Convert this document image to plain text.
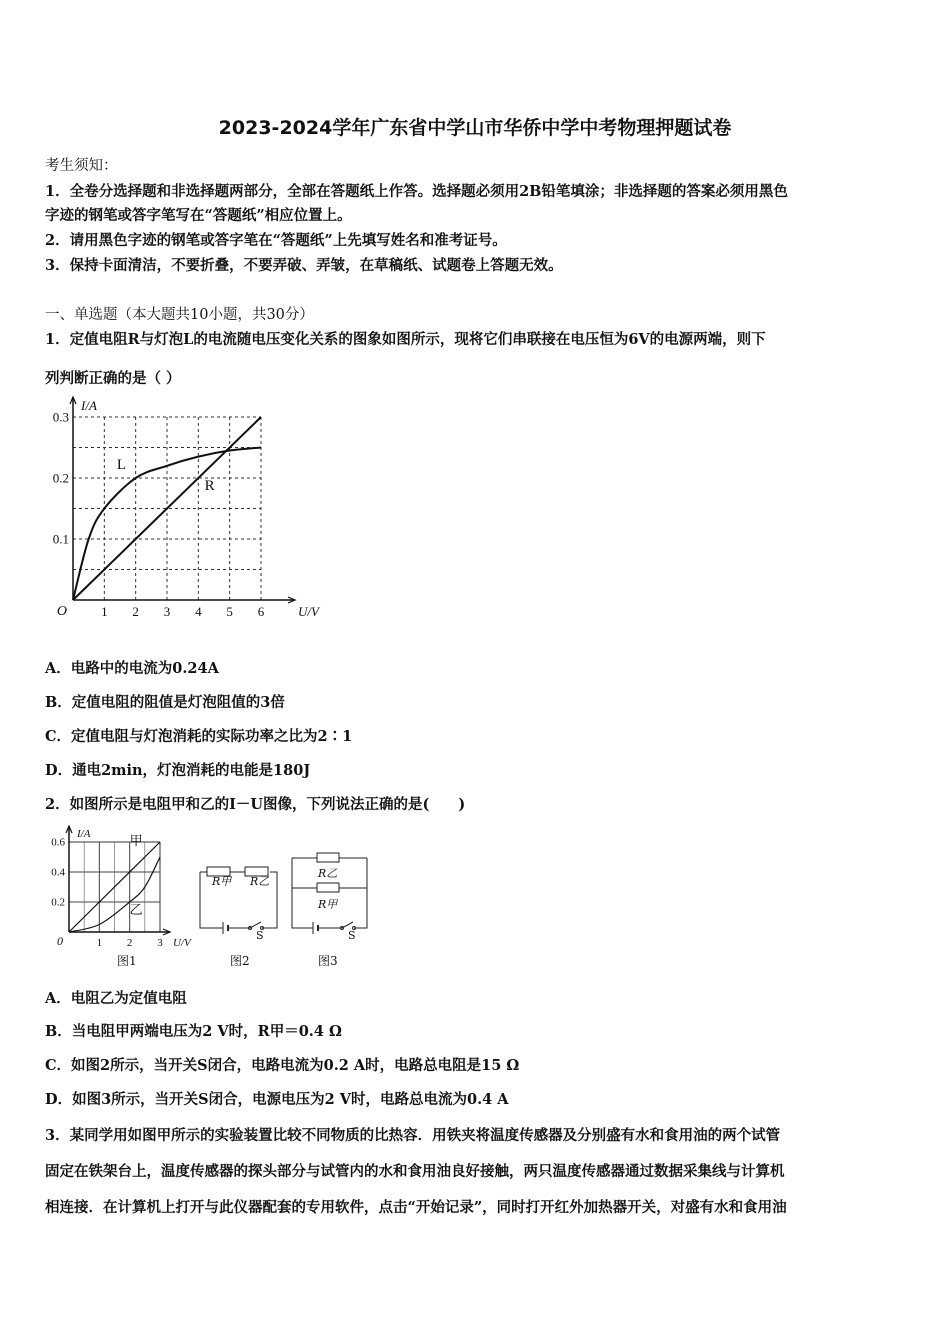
2023-2024学年广东省中学山市华侨中学中考物理押题试卷
考生须知：
1．全卷分选择题和非选择题两部分，全部在答题纸上作答。选择题必须用2B铅笔填涂；非选择题的答案必须用黑色
字迹的钢笔或答字笔写在“答题纸”相应位置上。
2．请用黑色字迹的钢笔或答字笔在“答题纸”上先填写姓名和准考证号。
3．保持卡面清洁，不要折叠，不要弄破、弄皱，在草稿纸、试题卷上答题无效。
一、单选题（本大题共10小题，共30分）
1．定值电阻R与灯泡L的电流随电压变化关系的图象如图所示，现将它们串联接在电压恒为6V的电源两端，则下
列判断正确的是（ ）
1 2 3 4 5 6
0.1
0.2
0.3
O	U/V
I/A
L
R
A．电路中的电流为0.24A
B．定值电阻的阻值是灯泡阻值的3倍
C．定值电阻与灯泡消耗的实际功率之比为2∶1
D．通电2min，灯泡消耗的电能是180J
2．如图所示是电阻甲和乙的I－U图像，下列说法正确的是(　　)
1 2 3
0.2
0.4
0.6
0	U/V
I/A	甲
乙
图1
R甲 R乙
S
图2
R乙
R甲
S
图3
A．电阻乙为定值电阻
B．当电阻甲两端电压为2 V时，R甲＝0.4 Ω
C．如图2所示，当开关S闭合，电路电流为0.2 A时，电路总电阻是15 Ω
D．如图3所示，当开关S闭合，电源电压为2 V时，电路总电流为0.4 A
3．某同学用如图甲所示的实验装置比较不同物质的比热容．用铁夹将温度传感器及分别盛有水和食用油的两个试管
固定在铁架台上，温度传感器的探头部分与试管内的水和食用油良好接触，两只温度传感器通过数据采集线与计算机
相连接．在计算机上打开与此仪器配套的专用软件，点击“开始记录”，同时打开红外加热器开关，对盛有水和食用油
